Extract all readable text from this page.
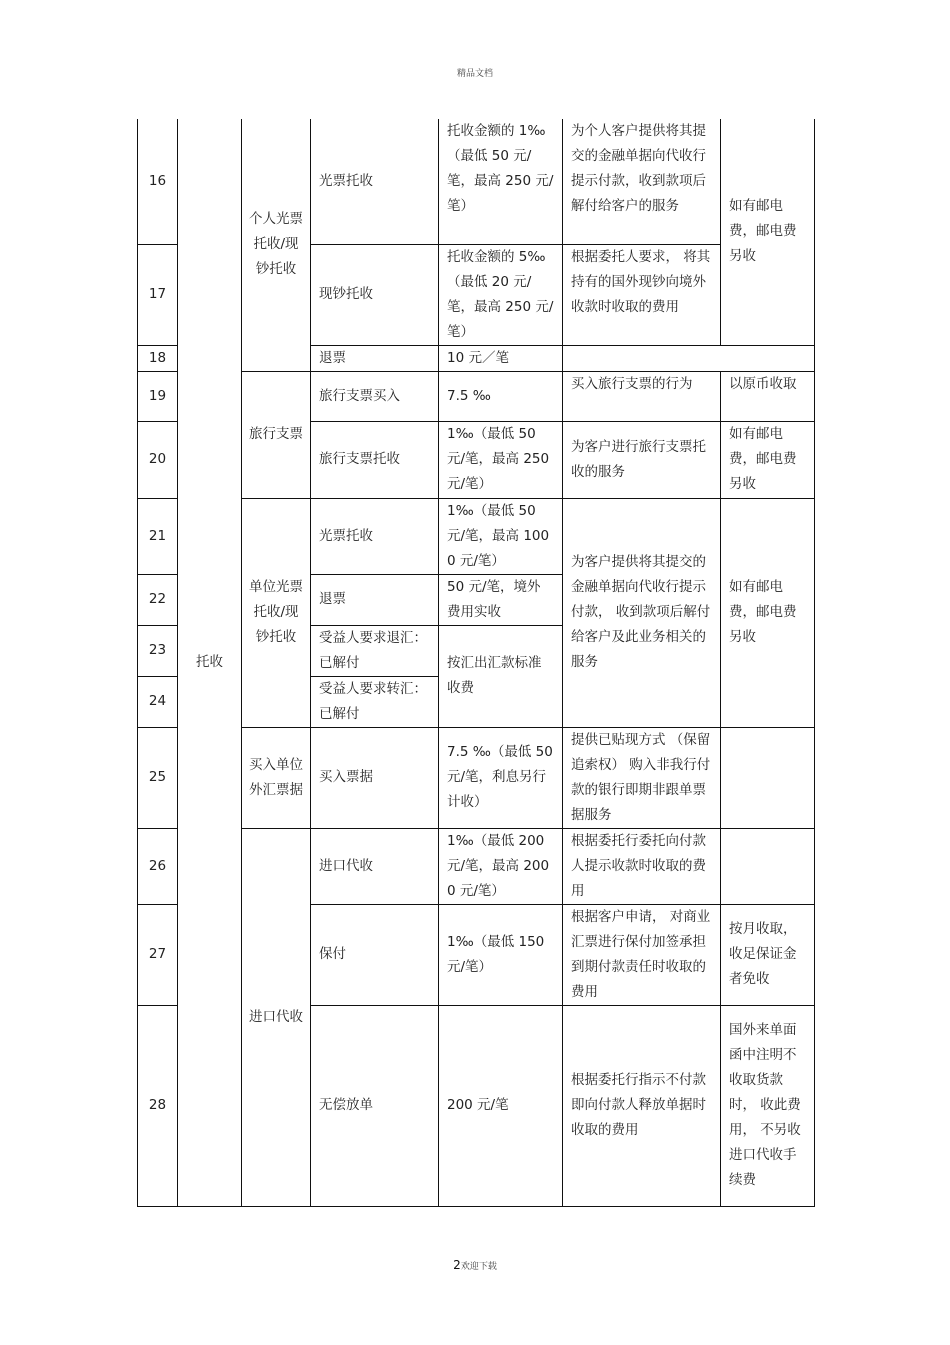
精品文档
16	托收	个人光票托收/现钞托收	光票托收	托收金额的 1‰（最低 50 元/笔，最高 250 元/笔）	为个人客户提供将其提交的金融单据向代收行提示付款，收到款项后解付给客户的服务	如有邮电费，邮电费另收
17			现钞托收	托收金额的 5‰（最低 20 元/笔，最高 250 元/笔）	根据委托人要求， 将其持有的国外现钞向境外收款时收取的费用	
18			退票	10 元／笔		
19		旅行支票	旅行支票买入	7.5 ‰	买入旅行支票的行为	以原币收取
20			旅行支票托收	1‰（最低 50 元/笔，最高 250 元/笔）	为客户进行旅行支票托收的服务	如有邮电费，邮电费另收
21		单位光票托收/现钞托收	光票托收	1‰（最低 50 元/笔，最高 1000 元/笔）	为客户提供将其提交的金融单据向代收行提示付款， 收到款项后解付给客户及此业务相关的服务	如有邮电费，邮电费另收
22			退票	50 元/笔，境外费用实收		
23			受益人要求退汇：已解付	按汇出汇款标准收费		
24			受益人要求转汇：已解付			
25		买入单位外汇票据	买入票据	7.5 ‰（最低 50 元/笔，利息另行计收）	提供已贴现方式 （保留追索权） 购入非我行付款的银行即期非跟单票据服务	
26		进口代收	进口代收	1‰（最低 200 元/笔，最高 2000 元/笔）	根据委托行委托向付款人提示收款时收取的费用	
27			保付	1‰（最低 150 元/笔）	根据客户申请， 对商业汇票进行保付加签承担到期付款责任时收取的费用	按月收取，收足保证金者免收
28			无偿放单	200 元/笔	根据委托行指示不付款即向付款人释放单据时收取的费用	国外来单面函中注明不收取货款时， 收此费用， 不另收进口代收手续费
2欢迎下载
